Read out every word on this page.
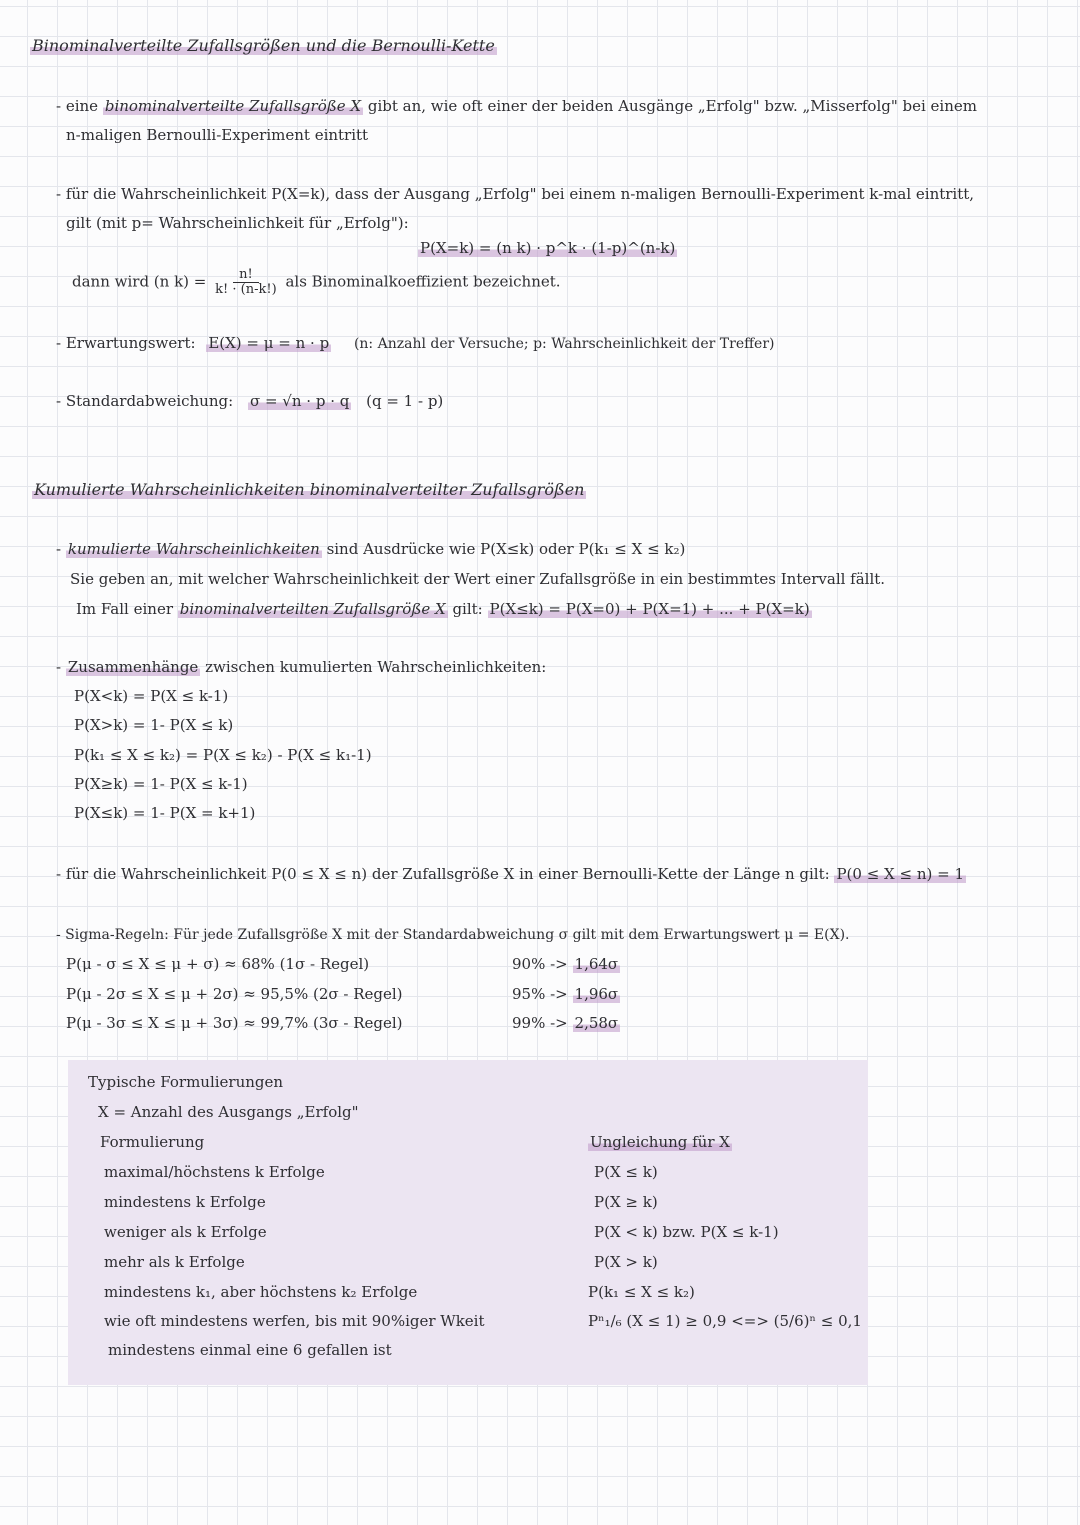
Binominalverteilte Zufallsgrößen und die Bernoulli-Kette
- eine binominalverteilte Zufallsgröße X gibt an, wie oft einer der beiden Ausgänge „Erfolg" bzw. „Misserfolg" bei einem
n-maligen Bernoulli-Experiment eintritt
- für die Wahrscheinlichkeit P(X=k), dass der Ausgang „Erfolg" bei einem n-maligen Bernoulli-Experiment k-mal eintritt,
gilt (mit p= Wahrscheinlichkeit für „Erfolg"):
P(X=k) = (n k) · p^k · (1-p)^(n-k)
dann wird (n $k) = \frac{n!}{k! \cdot (n-k!)}$ als Binominalkoeffizient bezeichnet.
- Erwartungswert: E(X) = μ = n · p (n: Anzahl der Versuche; p: Wahrscheinlichkeit der Treffer)
- Standardabweichung: σ = √n · p · q (q = 1 - p)
Kumulierte Wahrscheinlichkeiten binominalverteilter Zufallsgrößen
- kumulierte Wahrscheinlichkeiten sind Ausdrücke wie P(X≤k) oder P(k₁ ≤ X ≤ k₂)
Sie geben an, mit welcher Wahrscheinlichkeit der Wert einer Zufallsgröße in ein bestimmtes Intervall fällt.
Im Fall einer binominalverteilten Zufallsgröße X gilt: P(X≤k) = P(X=0) + P(X=1) + ... + P(X=k)
- Zusammenhänge zwischen kumulierten Wahrscheinlichkeiten:
P(X<k) = P(X ≤ k-1)
P(X>k) = 1- P(X ≤ k)
P(k₁ ≤ X ≤ k₂) = P(X ≤ k₂) - P(X ≤ k₁-1)
P(X≥k) = 1- P(X ≤ k-1)
P(X≤k) = 1- P(X = k+1)
- für die Wahrscheinlichkeit P(0 ≤ X ≤ n) der Zufallsgröße X in einer Bernoulli-Kette der Länge n gilt: P(0 ≤ X ≤ n) = 1
- Sigma-Regeln: Für jede Zufallsgröße X mit der Standardabweichung σ gilt mit dem Erwartungswert μ = E(X).
P(μ - σ ≤ X ≤ μ + σ) ≈ 68% (1σ - Regel)
P(μ - 2σ ≤ X ≤ μ + 2σ) ≈ 95,5% (2σ - Regel)
P(μ - 3σ ≤ X ≤ μ + 3σ) ≈ 99,7% (3σ - Regel)
90% -> 1,64σ
95% -> 1,96σ
99% -> 2,58σ
Typische Formulierungen
X = Anzahl des Ausgangs „Erfolg"
Formulierung	Ungleichung für X
maximal/höchstens k Erfolge
mindestens k Erfolge
weniger als k Erfolge
mehr als k Erfolge
mindestens k₁, aber höchstens k₂ Erfolge
wie oft mindestens werfen, bis mit 90%iger Wkeit
mindestens einmal eine 6 gefallen ist
P(X ≤ k)
P(X ≥ k)
P(X < k) bzw. P(X ≤ k-1)
P(X > k)
P(k₁ ≤ X ≤ k₂)
Pⁿ₁/₆ (X ≤ 1) ≥ 0,9 <=> (5/6)ⁿ ≤ 0,1
